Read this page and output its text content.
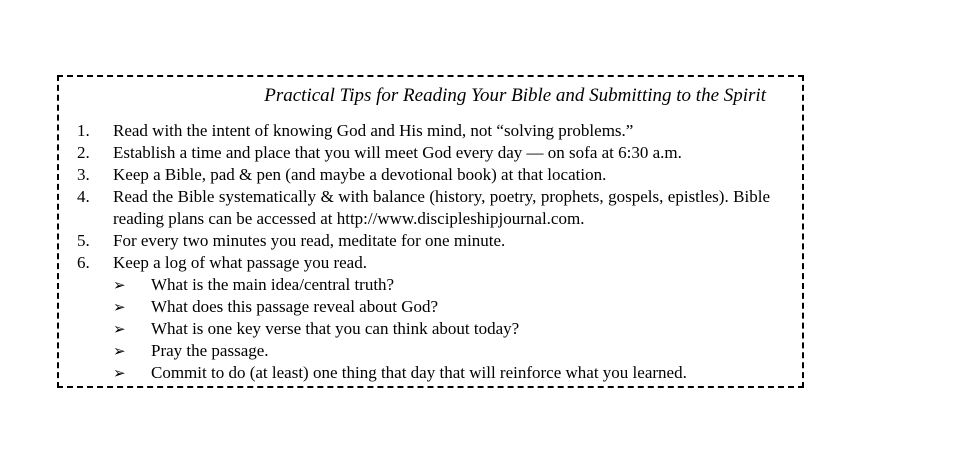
Practical Tips for Reading Your Bible and Submitting to the Spirit
1.	Read with the intent of knowing God and His mind, not “solving problems.”
2.	Establish a time and place that you will meet God every day — on sofa at 6:30 a.m.
3.	Keep a Bible, pad & pen (and maybe a devotional book) at that location.
4.	Read the Bible systematically & with balance (history, poetry, prophets, gospels, epistles). Bible reading plans can be accessed at http://www.discipleshipjournal.com.
5.	For every two minutes you read, meditate for one minute.
6.	Keep a log of what passage you read.
➢	What is the main idea/central truth?
➢	What does this passage reveal about God?
➢	What is one key verse that you can think about today?
➢	Pray the passage.
➢	Commit to do (at least) one thing that day that will reinforce what you learned.
